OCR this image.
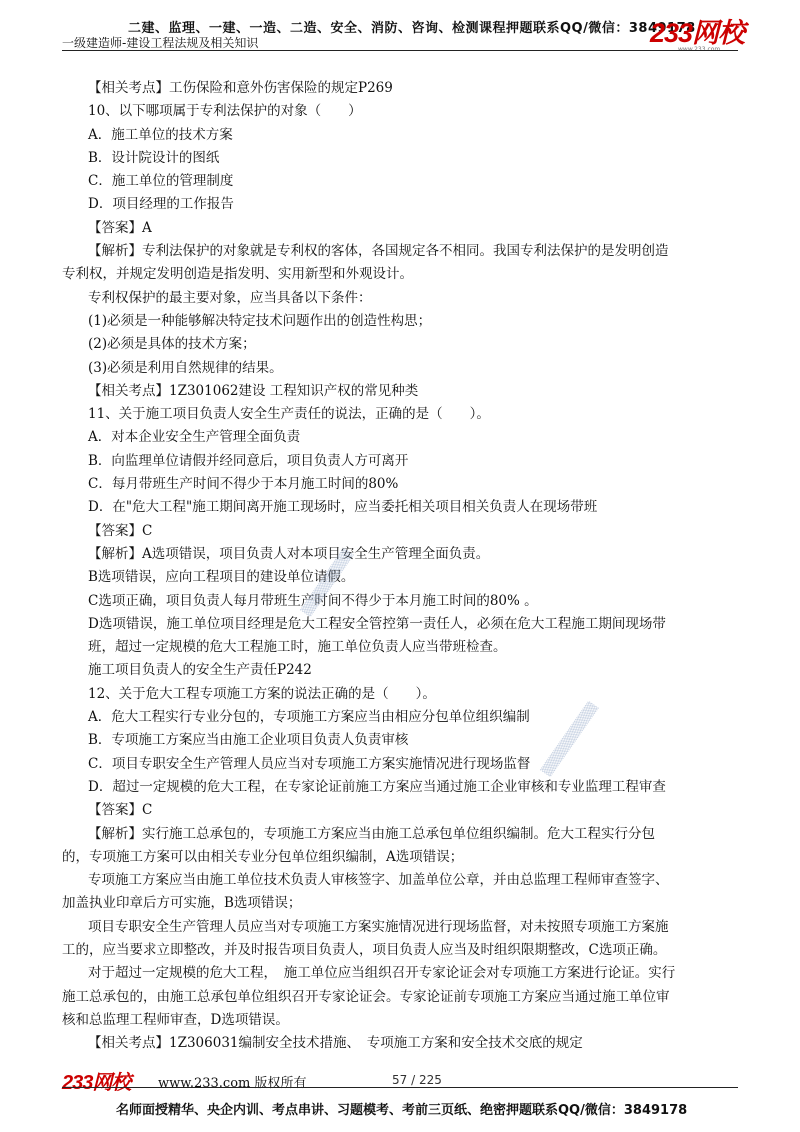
二建、监理、一建、一造、二造、安全、消防、咨询、检测课程押题联系QQ/微信：3849178
一级建造师-建设工程法规及相关知识	233网校
www.233.com
【相关考点】工伤保险和意外伤害保险的规定P269
10、以下哪项属于专利法保护的对象（　　）
A．施工单位的技术方案
B．设计院设计的图纸
C．施工单位的管理制度
D．项目经理的工作报告
【答案】A
【解析】专利法保护的对象就是专利权的客体，各国规定各不相同。我国专利法保护的是发明创造
专利权，并规定发明创造是指发明、实用新型和外观设计。
专利权保护的最主要对象，应当具备以下条件：
(1)必须是一种能够解决特定技术问题作出的创造性构思；
(2)必须是具体的技术方案；
(3)必须是利用自然规律的结果。
【相关考点】1Z301062建设 工程知识产权的常见种类
11、关于施工项目负责人安全生产责任的说法，正确的是（　　）。
A．对本企业安全生产管理全面负责
B．向监理单位请假并经同意后，项目负责人方可离开
C．每月带班生产时间不得少于本月施工时间的80%
D．在"危大工程"施工期间离开施工现场时，应当委托相关项目相关负责人在现场带班
【答案】C
【解析】A选项错误，项目负责人对本项目安全生产管理全面负责。
B选项错误，应向工程项目的建设单位请假。
C选项正确，项目负责人每月带班生产时间不得少于本月施工时间的80% 。
D选项错误，施工单位项目经理是危大工程安全管控第一责任人，必须在危大工程施工期间现场带
班，超过一定规模的危大工程施工时，施工单位负责人应当带班检查。
施工项目负责人的安全生产责任P242
12、关于危大工程专项施工方案的说法正确的是（　　）。
A．危大工程实行专业分包的，专项施工方案应当由相应分包单位组织编制
B．专项施工方案应当由施工企业项目负责人负责审核
C．项目专职安全生产管理人员应当对专项施工方案实施情况进行现场监督
D．超过一定规模的危大工程，在专家论证前施工方案应当通过施工企业审核和专业监理工程审查
【答案】C
【解析】实行施工总承包的，专项施工方案应当由施工总承包单位组织编制。危大工程实行分包
的，专项施工方案可以由相关专业分包单位组织编制，A选项错误；
专项施工方案应当由施工单位技术负责人审核签字、加盖单位公章，并由总监理工程师审查签字、
加盖执业印章后方可实施，B选项错误；
项目专职安全生产管理人员应当对专项施工方案实施情况进行现场监督，对未按照专项施工方案施
工的，应当要求立即整改，并及时报告项目负责人，项目负责人应当及时组织限期整改，C选项正确。
对于超过一定规模的危大工程，　施工单位应当组织召开专家论证会对专项施工方案进行论证。实行
施工总承包的，由施工总承包单位组织召开专家论证会。专家论证前专项施工方案应当通过施工单位审
核和总监理工程师审查，D选项错误。
【相关考点】1Z306031编制安全技术措施、　专项施工方案和安全技术交底的规定
▒▒▒▒▒▒▒▒▒
▒▒▒▒▒▒▒▒▒▒
233网校 www.233.com 版权所有	57 / 225
名师面授精华、央企内训、考点串讲、习题模考、考前三页纸、绝密押题联系QQ/微信：3849178
